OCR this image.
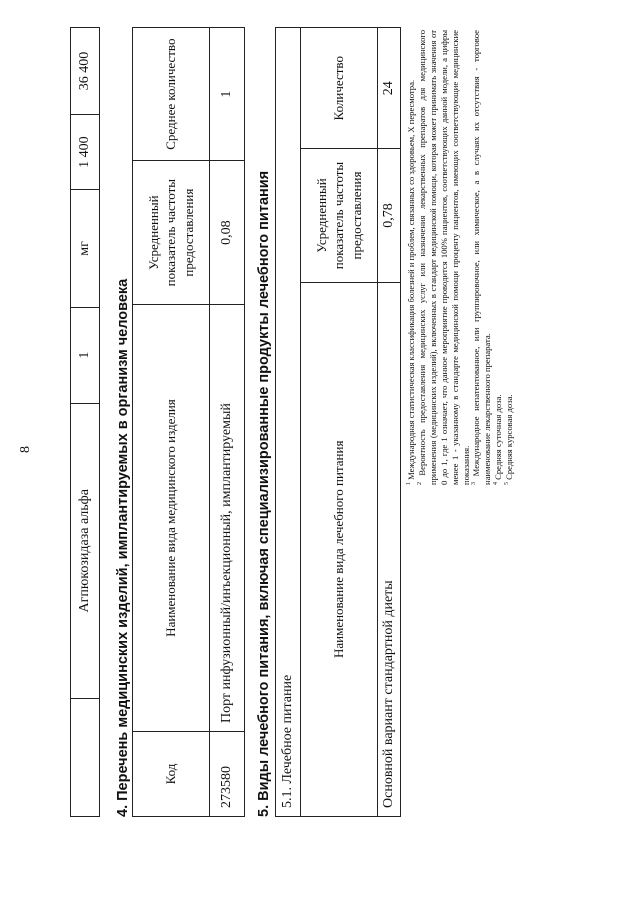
8
	Агпюкозидаза альфа	1	мг	1 400	36 400
4. Перечень медицинских изделий, имплантируемых в организм человека Код	Наименование вида медицинского изделия	Усредненный показатель частоты предоставления	Среднее количество
273580	Порт инфузионный/инъекционный, имплантируемый	0,08	1
5. Виды лечебного питания, включая специализированные продукты лечебного питания 5.1. Лечебное питание		
Наименование вида лечебного питания	Усредненный показатель частоты предоставления	Количество
Основной вариант стандартной диеты	0,78	24

$^1$ Международная статистическая классификация болезней и проблем, связанных со здоровьем, X пересмотра.

$^2$ Вероятность предоставления медицинских услуг или назначения лекарственных препаратов для медицинского применения (медицинских изделий), включенных в стандарт медицинской помощи, которая может принимать значения от 0 до 1, где 1 означает, что данное мероприятие проводится 100% пациентов, соответствующих данной модели, а цифры менее 1 - указанному в стандарте медицинской помощи проценту пациентов, имеющих соответствующие медицинские показания. $^3$ Международное непатентованное, или группировочное, или химическое, а в случаях их отсутствия - торговое наименование лекарственного препарата. $^4$ Средняя суточная доза.

$^5$ Средняя курсовая доза.
